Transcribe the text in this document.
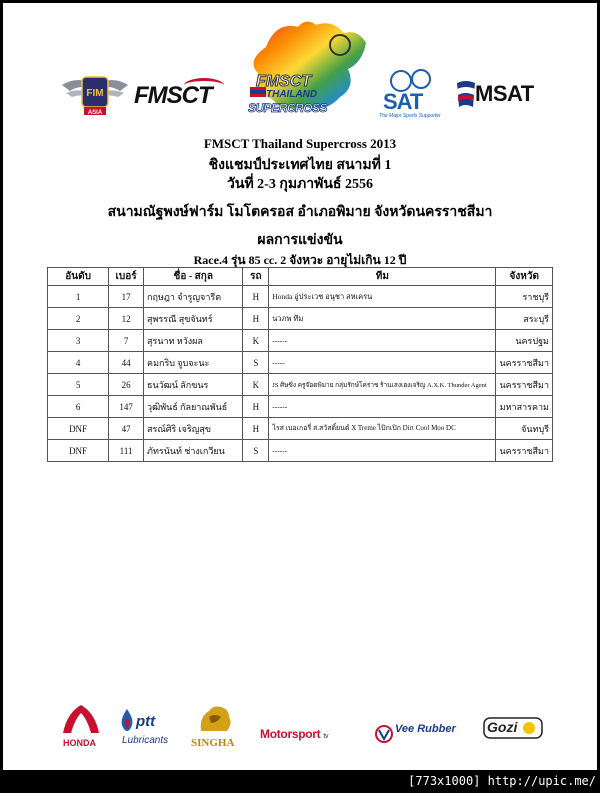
FIM
ASIA
FMSCT
FMSCT
THAILAND
SUPERCROSS	SAT
The Major Sports Supporter
MSAT
FMSCT Thailand Supercross 2013
ชิงแชมป์ประเทศไทย สนามที่ 1
วันที่ 2-3 กุมภาพันธ์ 2556
สนามณัฐพงษ์ฟาร์ม โมโตครอส อำเภอพิมาย จังหวัดนครราชสีมา
ผลการแข่งขัน
Race.4 รุ่น 85 cc. 2 จังหวะ อายุไม่เกิน 12 ปี
อันดับ	เบอร์	ชื่อ - สกุล	รถ	ทีม	จังหวัด
1	17	กฤษฎา จำรูญจารีต	H	Honda อู่ประเวช อนุชา สหเครน	ราชบุรี
2	12	สุพรรณี สุขจันทร์	H	นวภพ ทีม	สระบุรี
3	7	สุรนาท หวังผล	K	------	นครปฐม
4	44	คมกริบ จูบจะนะ	S	-----	นครราชสีมา
5	26	ธนวัฒน์ ลักขนร	K	JS ศิษซิ่ง ครูจ๊อดพิมาย กลุ่มรักษ์โคราช ร้านเสงเฮงเจริญ A.X.K. Thunder Agent	นครราชสีมา
6	147	วุฒิพันธ์ กัลยาณพันธ์	H	------	มหาสารคาม
DNF	47	สรณ์ศิริ เจริญสุข	H	ไรส เบอเกอรี่ ส.สวัสดิ์ยนต์ X Treme ไปิกเปิก Dirt Cool Moo DC	จันทบุรี
DNF	111	ภัทรนันท์ ช่างเกวียน	S	------	นครราชสีมา
HONDA
ptt
Lubricants SINGHA
Motorsport tv
Vee Rubber Gozi
[773x1000] http://upic.me/
